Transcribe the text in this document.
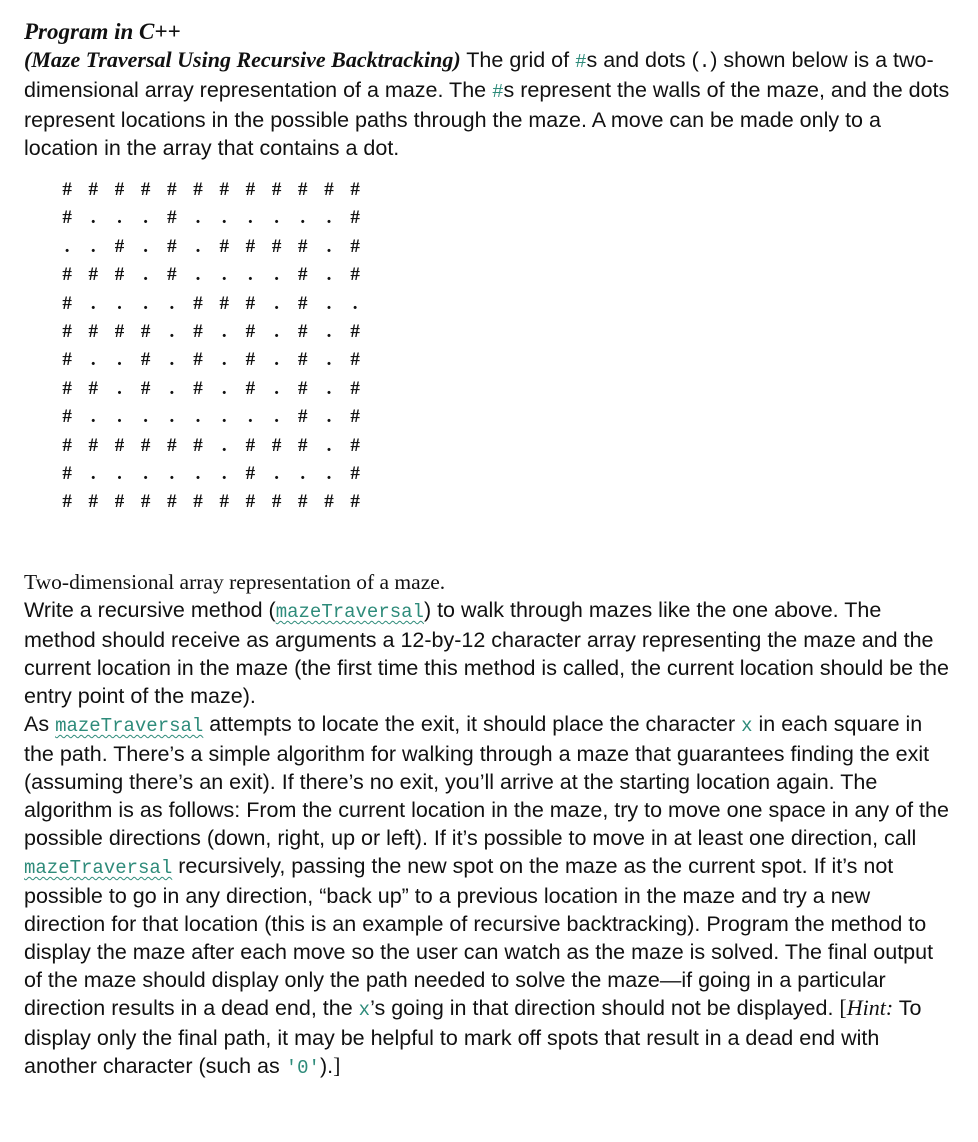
Program in C++

(Maze Traversal Using Recursive Backtracking) The grid of #s and dots (.) shown below is a two-dimensional array representation of a maze. The #s represent the walls of the maze, and the dots represent locations in the possible paths through the maze. A move can be made only to a location in the array that contains a dot.

# # # # # # # # # # # #
#	.	.	.	#	.	.	.	.	.	.	#
.	.	#	.	#	.	# # # #	.	#
# # #	.	#	.	.	.	.	#	.	#
#	.	.	.	.	# # #	.	#	.	.
# # # #	.	#	.	#	.	#	.	#
#	.	.	#	.	#	.	#	.	#	.	#
# #	.	#	.	#	.	#	.	#	.	#
#	.	.	.	.	.	.	.	.	#	.	#
# # # # # #	.	# # #	.	#
#	.	.	.	.	.	.	#	.	.	.	#
# # # # # # # # # # # #

Two-dimensional array representation of a maze.

Write a recursive method (mazeTraversal) to walk through mazes like the one above. The method should receive as arguments a 12-by-12 character array representing the maze and the current location in the maze (the first time this method is called, the current location should be the entry point of the maze).

As mazeTraversal attempts to locate the exit, it should place the character x in each square in the path. There’s a simple algorithm for walking through a maze that guarantees finding the exit (assuming there’s an exit). If there’s no exit, you’ll arrive at the starting location again. The algorithm is as follows: From the current location in the maze, try to move one space in any of the possible directions (down, right, up or left). If it’s possible to move in at least one direction, call mazeTraversal recursively, passing the new spot on the maze as the current spot. If it’s not possible to go in any direction, “back up” to a previous location in the maze and try a new direction for that location (this is an example of recursive backtracking). Program the method to display the maze after each move so the user can watch as the maze is solved. The final output of the maze should display only the path needed to solve the maze—if going in a particular direction results in a dead end, the x’s going in that direction should not be displayed. [Hint: To display only the final path, it may be helpful to mark off spots that result in a dead end with another character (such as '0').]
